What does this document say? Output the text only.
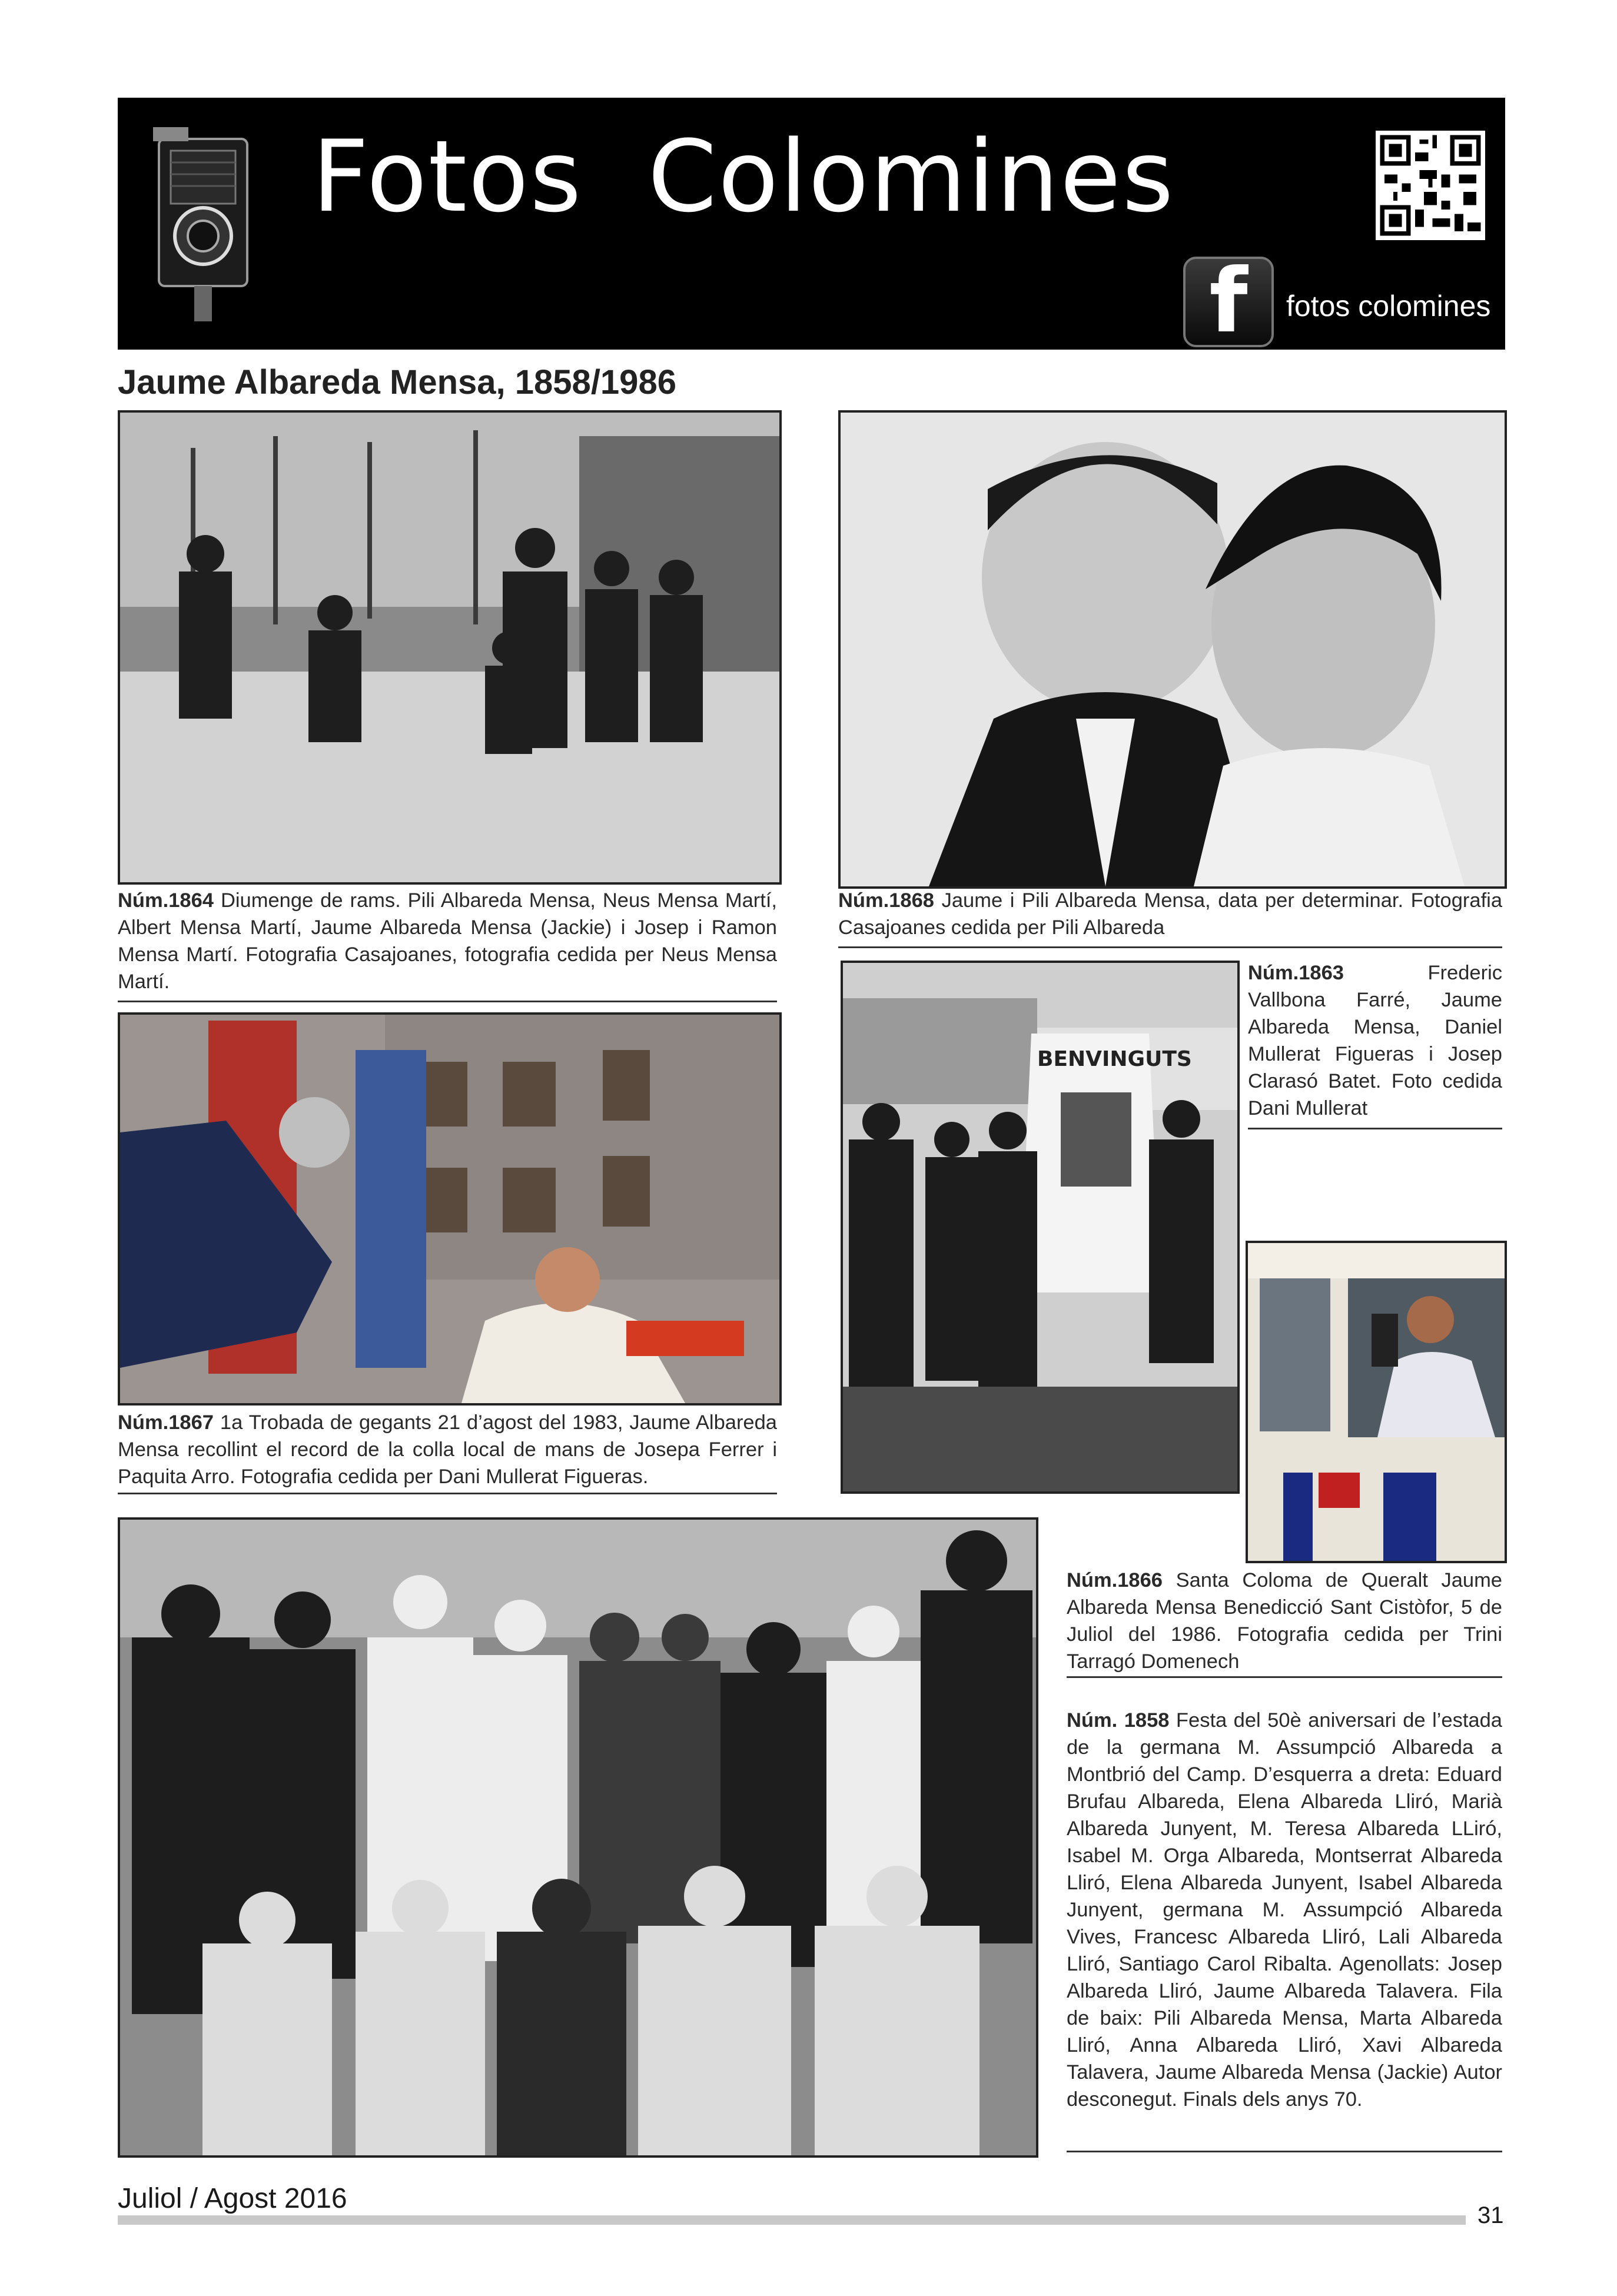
Fotos  Colomines
f	fotos colomines
Jaume Albareda Mensa, 1858/1986
Núm.1864 Diumenge de rams. Pili Albareda Mensa, Neus Mensa Martí, Albert Mensa Martí, Jaume Albareda Mensa (Jackie) i Josep i Ramon Mensa Martí. Fotografia Casajoanes, fotografia cedida per Neus Mensa Martí.
Núm.1868 Jaume i Pili Albareda Mensa, data per determinar. Fotografia Casajoanes cedida per Pili Albareda
Núm.1867 1a Trobada de gegants 21 d’agost del 1983, Jaume Albareda Mensa recollint el record de la colla local de mans de Josepa Ferrer i Paquita Arro. Fotografia cedida per Dani Mullerat Figueras.
BENVINGUTS
Núm.1863 Frederic Vallbona Farré, Jaume Albareda Mensa, Daniel Mullerat Figueras i Josep Clarasó Batet. Foto cedida Dani Mullerat
Núm.1866 Santa Coloma de Queralt Jaume Albareda Mensa Benedicció Sant Cistòfor, 5 de Juliol del 1986. Fotografia cedida per Trini Tarragó Domenech
Núm. 1858 Festa del 50è aniversari de l’estada de la germana M. Assumpció Albareda a Montbrió del Camp. D’esquerra a dreta: Eduard Brufau Albareda, Elena Albareda Lliró, Marià Albareda Junyent, M. Teresa Albareda LLiró, Isabel M. Orga Albareda, Montserrat Albareda Lliró, Elena Albareda Junyent, Isabel Albareda Junyent, germana M. Assumpció Albareda Vives, Francesc Albareda Lliró, Lali Albareda Lliró, Santiago Carol Ribalta. Agenollats: Josep Albareda Lliró, Jaume Albareda Talavera. Fila de baix: Pili Albareda Mensa, Marta Albareda Lliró, Anna Albareda Lliró, Xavi Albareda Talavera, Jaume Albareda Mensa (Jackie) Autor desconegut. Finals dels anys 70.
Juliol / Agost 2016
31
